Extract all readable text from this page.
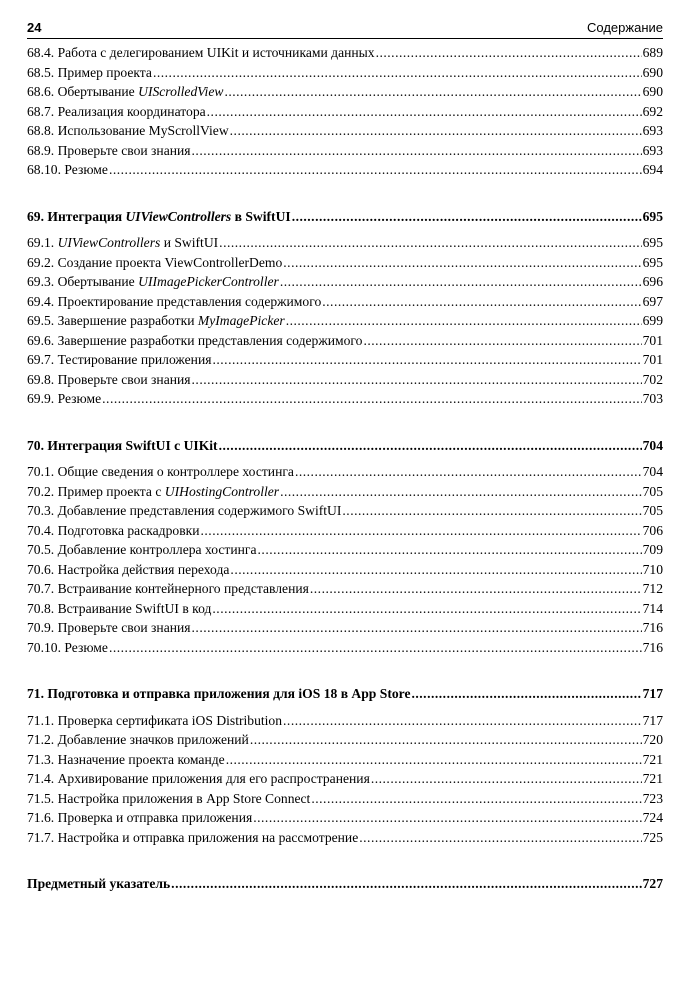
24	Содержание
68.4. Работа с делегированием UIKit и источниками данных .....	689
68.5. Пример проекта .....	690
68.6. Обертывание UIScrolledView .....	690
68.7. Реализация координатора .....	692
68.8. Использование MyScrollView .....	693
68.9. Проверьте свои знания .....	693
68.10. Резюме .....	694
69. Интеграция UIViewControllers в SwiftUI .....	695
69.1. UIViewControllers и SwiftUI .....	695
69.2. Создание проекта ViewControllerDemo .....	695
69.3. Обертывание UIImagePickerController .....	696
69.4. Проектирование представления содержимого .....	697
69.5. Завершение разработки MyImagePicker .....	699
69.6. Завершение разработки представления содержимого .....	701
69.7. Тестирование приложения .....	701
69.8. Проверьте свои знания .....	702
69.9. Резюме .....	703
70. Интеграция SwiftUI с UIKit .....	704
70.1. Общие сведения о контроллере хостинга .....	704
70.2. Пример проекта с UIHostingController .....	705
70.3. Добавление представления содержимого SwiftUI .....	705
70.4. Подготовка раскадровки .....	706
70.5. Добавление контроллера хостинга .....	709
70.6. Настройка действия перехода .....	710
70.7. Встраивание контейнерного представления .....	712
70.8. Встраивание SwiftUI в код .....	714
70.9. Проверьте свои знания .....	716
70.10. Резюме .....	716
71. Подготовка и отправка приложения для iOS 18 в App Store .....	717
71.1. Проверка сертификата iOS Distribution .....	717
71.2. Добавление значков приложений .....	720
71.3. Назначение проекта команде .....	721
71.4. Архивирование приложения для его распространения .....	721
71.5. Настройка приложения в App Store Connect .....	723
71.6. Проверка и отправка приложения .....	724
71.7. Настройка и отправка приложения на рассмотрение .....	725
Предметный указатель .....	727
